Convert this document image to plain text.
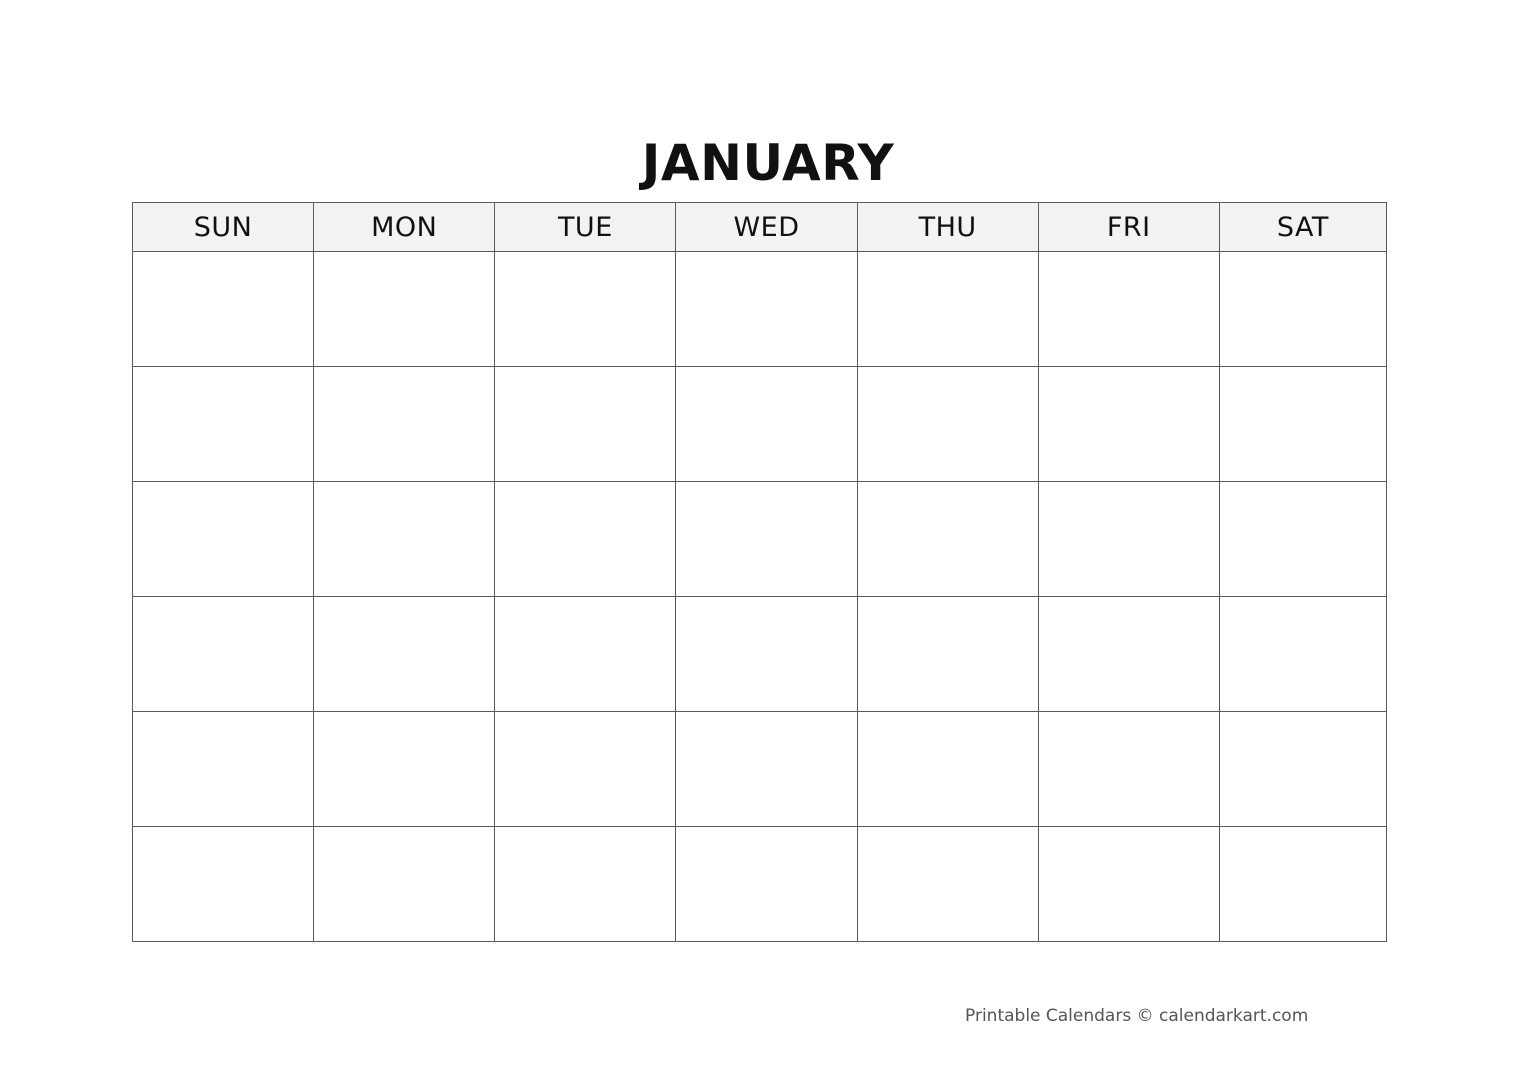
JANUARY
SUN	MON	TUE	WED	THU	FRI	SAT

Printable Calendars © calendarkart.com
